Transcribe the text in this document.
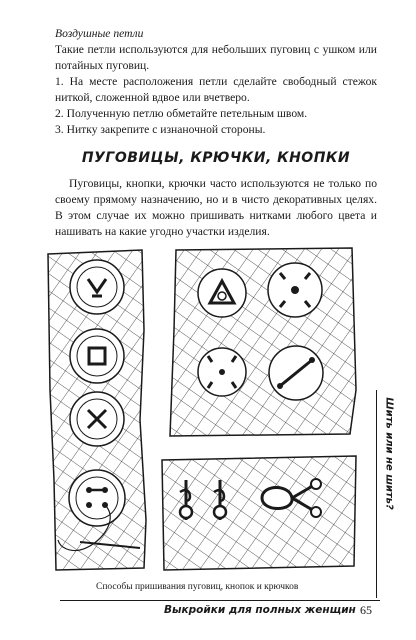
Воздушные петли

Такие петли используются для небольших пуговиц с ушком или потайных пуговиц.

1. На месте расположения петли сделайте свободный стежок ниткой, сложенной вдвое или вчетверо.

2. Полученную петлю обметайте петельным швом.

3. Нитку закрепите с изнаночной стороны.

ПУГОВИЦЫ, КРЮЧКИ, КНОПКИ

Пуговицы, кнопки, крючки часто используются не только по своему прямому назначению, но и в чисто декоративных целях. В этом случае их можно пришивать нитками любого цвета и нашивать на какие угодно участки изделия.

Способы пришивания пуговиц, кнопок и крючков
Шить или не шить?
Выкройки для полных женщин 65
